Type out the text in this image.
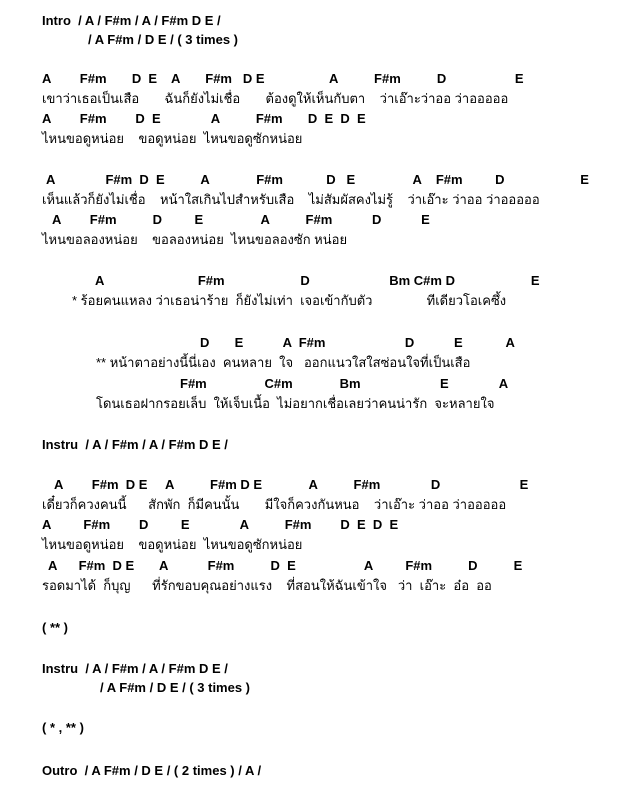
Intro  / A / F#m / A / F#m D E /
/ A F#m / D E / ( 3 times )
A        F#m       D  E    A       F#m   D E                  A          F#m          D                   E
เขาว่าเธอเป็นเสือ       ฉันก็ยังไม่เชื่อ       ต้องดูให้เห็นกับตา    ว่าเอ๊าะว่าออ ว่าอออออ
A        F#m        D  E              A          F#m       D  E  D  E
ไหนขอดูหน่อย    ขอดูหน่อย  ไหนขอดูซักหน่อย
A              F#m  D  E          A             F#m            D   E                A    F#m         D                     E
เห็นแล้วก็ยังไม่เชื่อ    หน้าใสเกินไปสำหรับเสือ    ไม่สัมผัสคงไม่รู้    ว่าเอ๊าะ ว่าออ ว่าอออออ
A        F#m          D         E                A          F#m           D           E
ไหนขอลองหน่อย    ขอลองหน่อย  ไหนขอลองซัก หน่อย
A                          F#m                     D                      Bm C#m D                     E
* ร้อยคนแหลง ว่าเธอน่าร้าย  ก็ยังไม่เท่า  เจอเข้ากับตัว               ทีเดียวโอเคซึ้ง
D       E           A  F#m                      D           E            A
** หน้าตาอย่างนี้นี่เอง  คนหลาย  ใจ   ออกแนวใสใสซ่อนใจที่เป็นเสือ
F#m                C#m             Bm                      E              A
โดนเธอฝากรอยเล็บ  ให้เจ็บเนื้อ  ไม่อยากเชื่อเลยว่าคนน่ารัก  จะหลายใจ
Instru  / A / F#m / A / F#m D E /
A        F#m  D E     A          F#m D E             A          F#m              D                      E
เดี๋ยวก็ควงคนนี้      สักพัก  ก็มีคนนั้น       มีใจก็ควงกันหนอ    ว่าเอ๊าะ ว่าออ ว่าอออออ
A         F#m        D         E              A          F#m        D  E  D  E
ไหนขอดูหน่อย    ขอดูหน่อย  ไหนขอดูซักหน่อย
A      F#m  D E       A           F#m          D  E                   A         F#m          D          E
รอดมาได้  ก็บุญ      ที่รักขอบคุณอย่างแรง    ที่สอนให้ฉันเข้าใจ   ว่า  เอ๊าะ  อ๋อ  ออ
( ** )
Instru  / A / F#m / A / F#m D E /
/ A F#m / D E / ( 3 times )
( * , ** )
Outro  / A F#m / D E / ( 2 times ) / A /
